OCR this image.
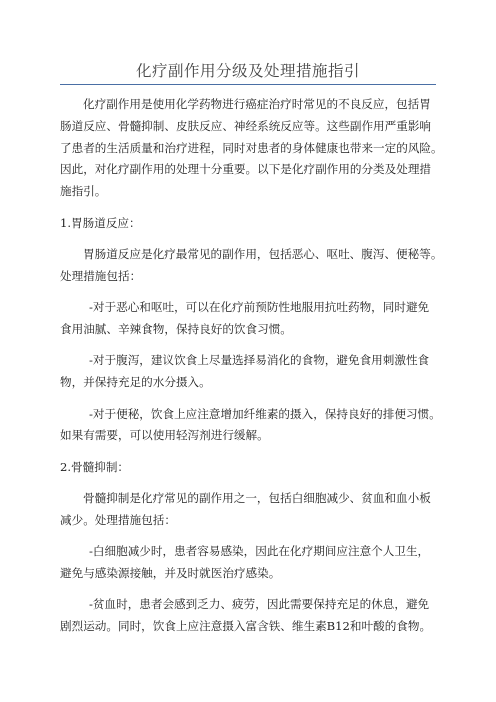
化疗副作用分级及处理措施指引
化疗副作用是使用化学药物进行癌症治疗时常见的不良反应，包括胃
肠道反应、骨髓抑制、皮肤反应、神经系统反应等。这些副作用严重影响
了患者的生活质量和治疗进程，同时对患者的身体健康也带来一定的风险。
因此，对化疗副作用的处理十分重要。以下是化疗副作用的分类及处理措
施指引。
1.胃肠道反应：
胃肠道反应是化疗最常见的副作用，包括恶心、呕吐、腹泻、便秘等。
处理措施包括：
-对于恶心和呕吐，可以在化疗前预防性地服用抗吐药物，同时避免
食用油腻、辛辣食物，保持良好的饮食习惯。
-对于腹泻，建议饮食上尽量选择易消化的食物，避免食用刺激性食
物，并保持充足的水分摄入。
-对于便秘，饮食上应注意增加纤维素的摄入，保持良好的排便习惯。
如果有需要，可以使用轻泻剂进行缓解。
2.骨髓抑制：
骨髓抑制是化疗常见的副作用之一，包括白细胞减少、贫血和血小板
减少。处理措施包括：
-白细胞减少时，患者容易感染，因此在化疗期间应注意个人卫生，
避免与感染源接触，并及时就医治疗感染。
-贫血时，患者会感到乏力、疲劳，因此需要保持充足的休息，避免
剧烈运动。同时，饮食上应注意摄入富含铁、维生素B12和叶酸的食物。
